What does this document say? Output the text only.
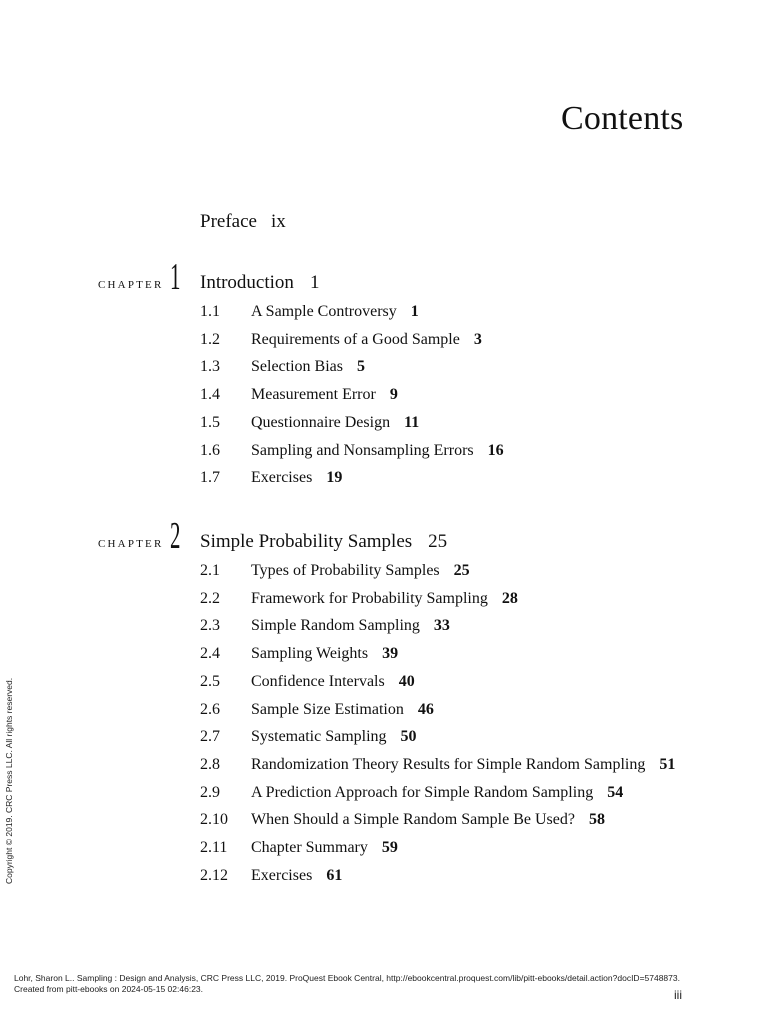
Contents
Preface ix
CHAPTER 1 Introduction 1
1.1 A Sample Controversy 1
1.2 Requirements of a Good Sample 3
1.3 Selection Bias 5
1.4 Measurement Error 9
1.5 Questionnaire Design 11
1.6 Sampling and Nonsampling Errors 16
1.7 Exercises 19
CHAPTER 2 Simple Probability Samples 25
2.1 Types of Probability Samples 25
2.2 Framework for Probability Sampling 28
2.3 Simple Random Sampling 33
2.4 Sampling Weights 39
2.5 Confidence Intervals 40
2.6 Sample Size Estimation 46
2.7 Systematic Sampling 50
2.8 Randomization Theory Results for Simple Random Sampling 51
2.9 A Prediction Approach for Simple Random Sampling 54
2.10 When Should a Simple Random Sample Be Used? 58
2.11 Chapter Summary 59
2.12 Exercises 61
Copyright © 2019. CRC Press LLC. All rights reserved.
Lohr, Sharon L.. Sampling : Design and Analysis, CRC Press LLC, 2019. ProQuest Ebook Central, http://ebookcentral.proquest.com/lib/pitt-ebooks/detail.action?docID=5748873.
Created from pitt-ebooks on 2024-05-15 02:46:23.	iii
